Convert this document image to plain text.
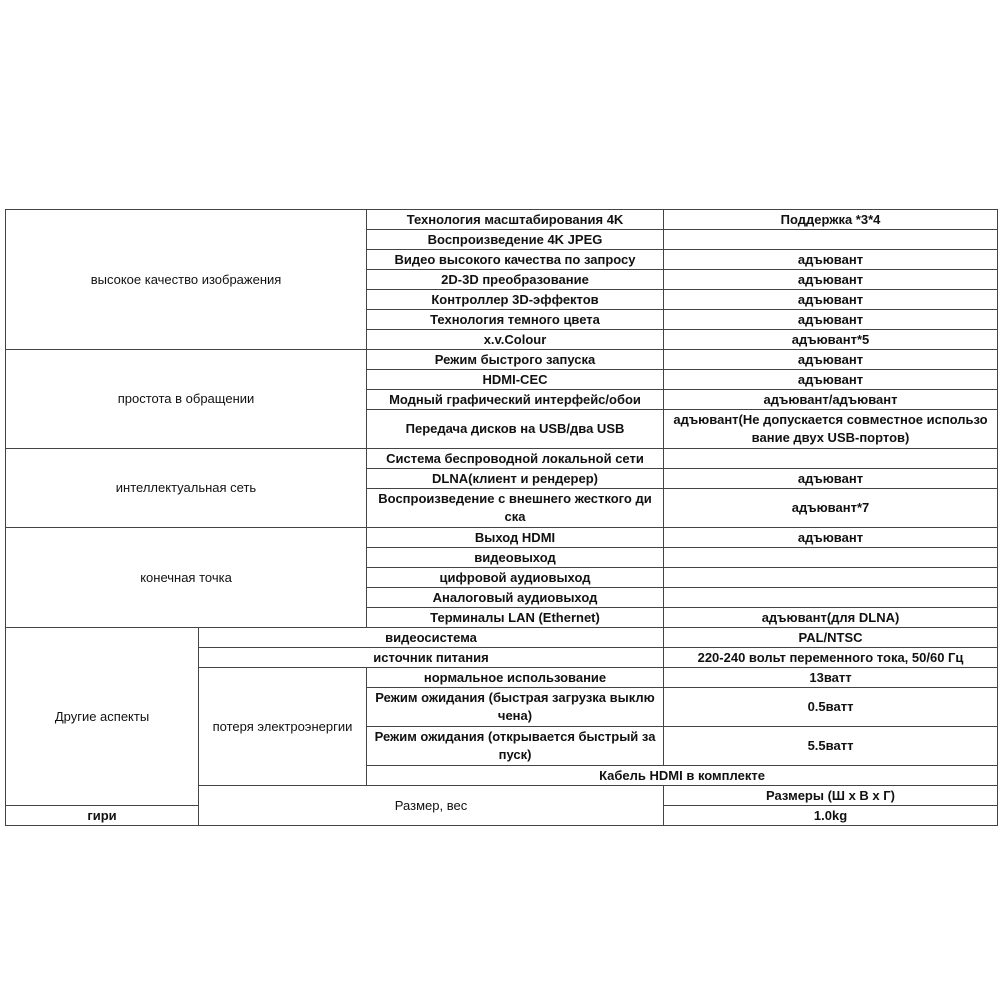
высокое качество изображения		Технология масштабирования 4K	Поддержка *3*4	
		Воспроизведение 4K JPEG		
		Видео высокого качества по запросу	адъювант	
		2D-3D преобразование	адъювант	
		Контроллер 3D-эффектов	адъювант	
		Технология темного цвета	адъювант	
		x.v.Colour	адъювант*5	
простота в обращении		Режим быстрого запуска	адъювант	
		HDMI-CEC	адъювант	
		Модный графический интерфейс/обои	адъювант/адъювант	
		Передача дисков на USB/два USB	адъювант(Не допускается совместное использо вание двух USB-портов)	
интеллектуальная сеть		Система беспроводной локальной сети		
		DLNA(клиент и рендерер)	адъювант	
		Воспроизведение с внешнего жесткого ди ска	адъювант*7	
конечная точка		Выход HDMI	адъювант	
		видеовыход		
		цифровой аудиовыход		
		Аналоговый аудиовыход		
		Терминалы LAN (Ethernet)	адъювант(для DLNA)	
Другие аспекты	видеосистема		PAL/NTSC	
	источник питания		220-240 вольт переменного тока, 50/60 Гц	
	потеря электроэнергии	нормальное использование	13ватт	
		Режим ожидания (быстрая загрузка выклю чена)	0.5ватт	
		Режим ожидания (открывается быстрый за пуск)	5.5ватт	
		Кабель HDMI в комплекте	
	Размер, вес		Размеры (Ш x В x Г)	
гири			1.0kg	
